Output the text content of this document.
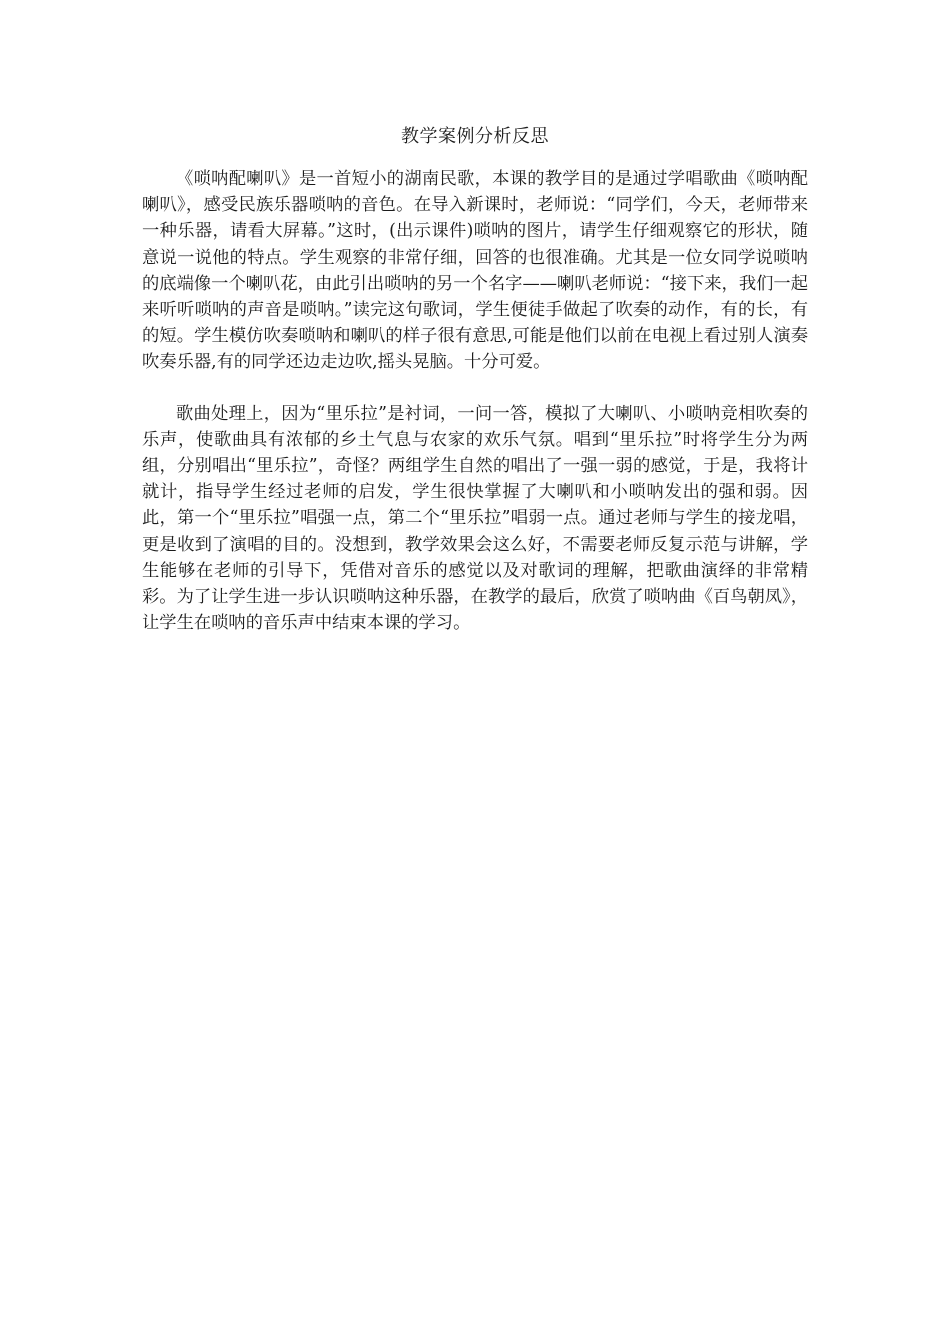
教学案例分析反思

《唢呐配喇叭》是一首短小的湖南民歌，本课的教学目的是通过学唱歌曲《唢呐配喇叭》，感受民族乐器唢呐的音色。在导入新课时，老师说：“同学们，今天，老师带来一种乐器，请看大屏幕。”这时，(出示课件)唢呐的图片，请学生仔细观察它的形状，随意说一说他的特点。学生观察的非常仔细，回答的也很准确。尤其是一位女同学说唢呐的底端像一个喇叭花，由此引出唢呐的另一个名字——喇叭老师说：“接下来，我们一起来听听唢呐的声音是唢呐。”读完这句歌词，学生便徒手做起了吹奏的动作，有的长，有的短。学生模仿吹奏唢呐和喇叭的样子很有意思,可能是他们以前在电视上看过别人演奏吹奏乐器,有的同学还边走边吹,摇头晃脑。十分可爱。

歌曲处理上，因为“里乐拉”是衬词，一问一答，模拟了大喇叭、小唢呐竞相吹奏的乐声，使歌曲具有浓郁的乡土气息与农家的欢乐气氛。唱到“里乐拉”时将学生分为两组，分别唱出“里乐拉”，奇怪？两组学生自然的唱出了一强一弱的感觉，于是，我将计就计，指导学生经过老师的启发，学生很快掌握了大喇叭和小唢呐发出的强和弱。因此，第一个“里乐拉”唱强一点，第二个“里乐拉”唱弱一点。通过老师与学生的接龙唱，更是收到了演唱的目的。没想到，教学效果会这么好，不需要老师反复示范与讲解，学生能够在老师的引导下，凭借对音乐的感觉以及对歌词的理解，把歌曲演绎的非常精彩。为了让学生进一步认识唢呐这种乐器，在教学的最后，欣赏了唢呐曲《百鸟朝凤》，让学生在唢呐的音乐声中结束本课的学习。
